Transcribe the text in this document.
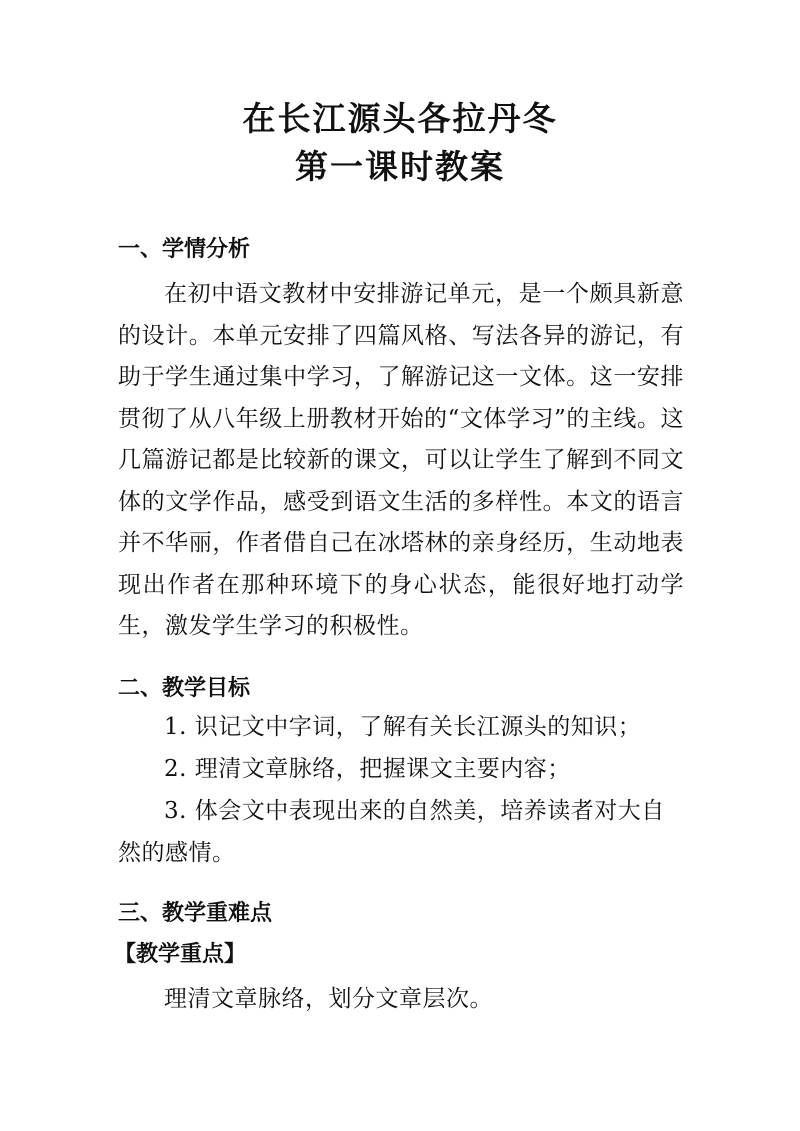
在长江源头各拉丹冬
第一课时教案
一、学情分析

在初中语文教材中安排游记单元，是一个颇具新意的设计。本单元安排了四篇风格、写法各异的游记，有助于学生通过集中学习，了解游记这一文体。这一安排贯彻了从八年级上册教材开始的“文体学习”的主线。这几篇游记都是比较新的课文，可以让学生了解到不同文体的文学作品，感受到语文生活的多样性。本文的语言并不华丽，作者借自己在冰塔林的亲身经历，生动地表现出作者在那种环境下的身心状态，能很好地打动学生，激发学生学习的积极性。

二、教学目标

1. 识记文中字词，了解有关长江源头的知识；

2. 理清文章脉络，把握课文主要内容；

3. 体会文中表现出来的自然美，培养读者对大自然的感情。

三、教学重难点
【教学重点】

理清文章脉络，划分文章层次。
